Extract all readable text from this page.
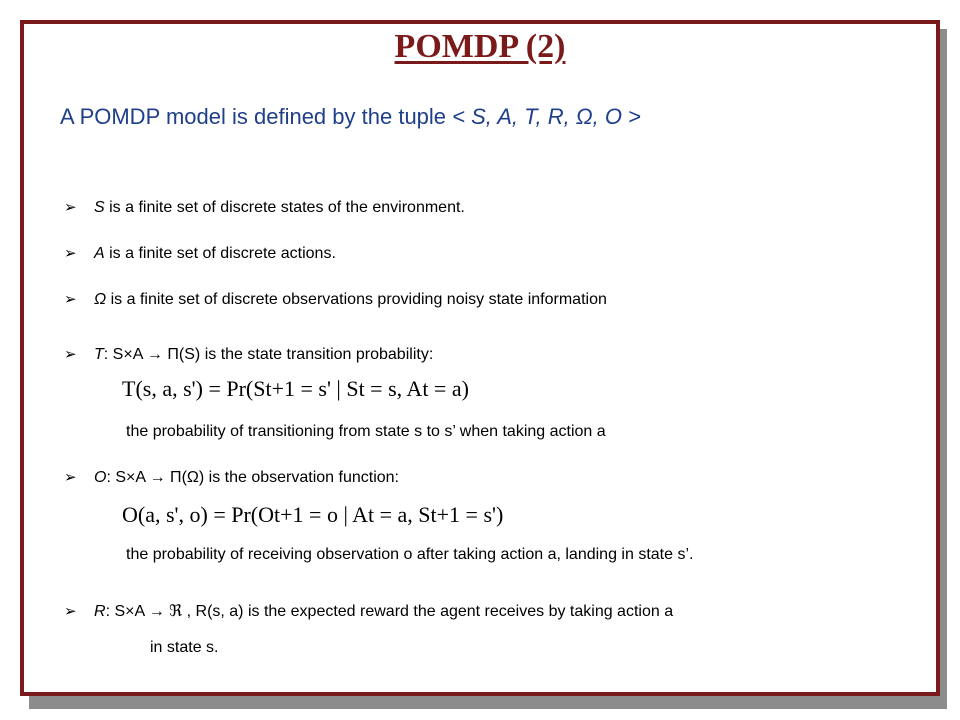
POMDP (2)
A POMDP model is defined by the tuple < S, A, T, R, Ω, O >
➢ S is a finite set of discrete states of the environment.
➢ A is a finite set of discrete actions.
➢ Ω is a finite set of discrete observations providing noisy state information
➢ T: S×A → Π(S) is the state transition probability:
T(s, a, s') = Pr(St+1 = s' | St = s, At = a)
the probability of transitioning from state s to s’ when taking action a
➢ O: S×A → Π(Ω) is the observation function:
O(a, s', o) = Pr(Ot+1 = o | At = a, St+1 = s')
the probability of receiving observation o after taking action a, landing in state s’.
➢ R: S×A → ℜ , R(s, a) is the expected reward the agent receives by taking action a
in state s.
